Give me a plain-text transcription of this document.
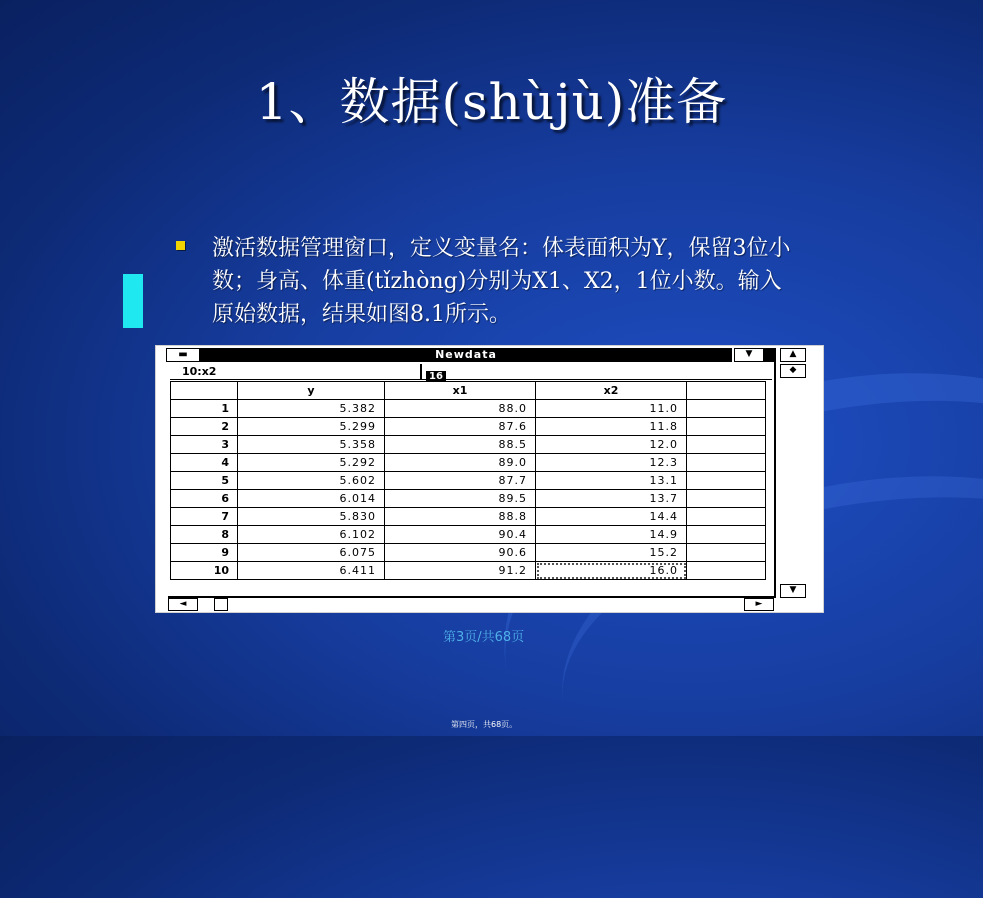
1、数据(shùjù)准备
激活数据管理窗口，定义变量名：体表面积为Y，保留3位小数；身高、体重(tǐzhòng)分别为X1、X2，1位小数。输入原始数据，结果如图8.1所示。
▬	Newdata	▼
10:x2	16
	y	x1	x2	
1	5.382	88.0	11.0	
2	5.299	87.6	11.8	
3	5.358	88.5	12.0	
4	5.292	89.0	12.3	
5	5.602	87.7	13.1	
6	6.014	89.5	13.7	
7	5.830	88.8	14.4	
8	6.102	90.4	14.9	
9	6.075	90.6	15.2	
10	6.411	91.2	16.0	
▲
◆
▼
◄	►
第3页/共68页
第四页，共68页。
